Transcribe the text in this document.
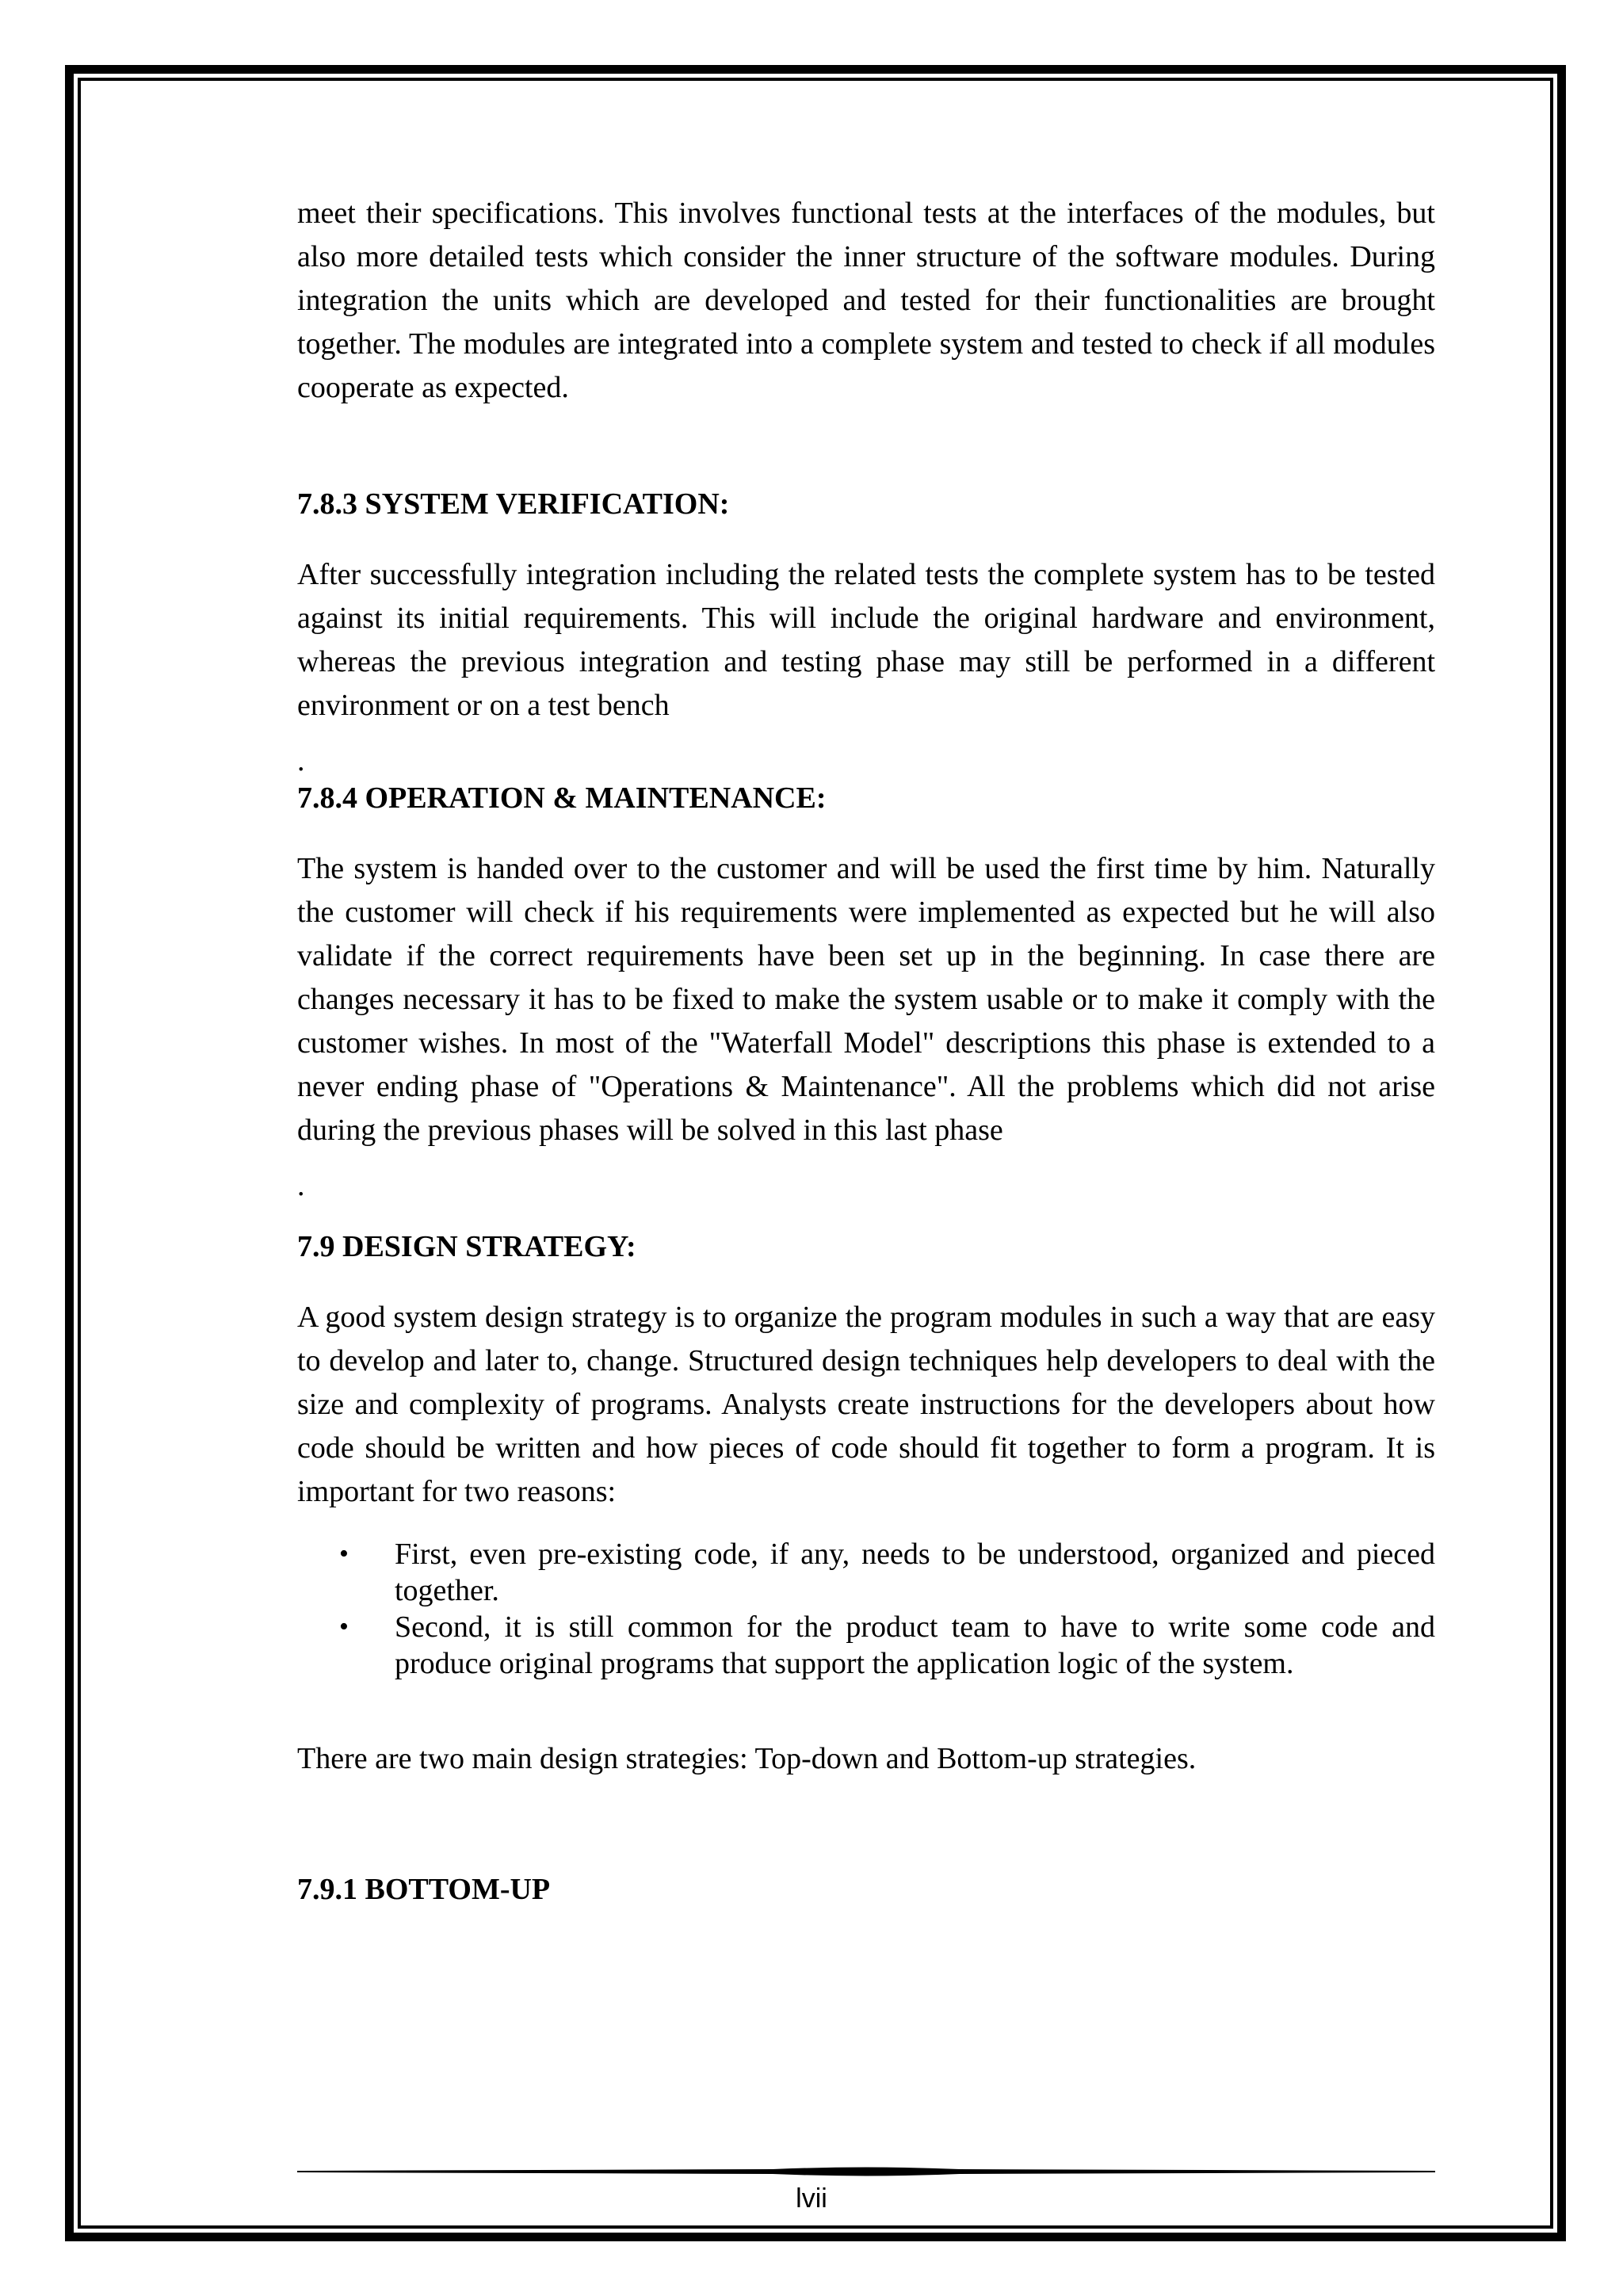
meet their specifications. This involves functional tests at the interfaces of the modules, but also more detailed tests which consider the inner structure of the software modules. During integration the units which are developed and tested for their functionalities are brought together. The modules are integrated into a complete system and tested to check if all modules cooperate as expected.

7.8.3 SYSTEM VERIFICATION:

After successfully integration including the related tests the complete system has to be tested against its initial requirements. This will include the original hardware and environment, whereas the previous integration and testing phase may still be performed in a different environment or on a test bench

.

7.8.4 OPERATION & MAINTENANCE:

The system is handed over to the customer and will be used the first time by him. Naturally the customer will check if his requirements were implemented as expected but he will also validate if the correct requirements have been set up in the beginning. In case there are changes necessary it has to be fixed to make the system usable or to make it comply with the customer wishes. In most of the "Waterfall Model" descriptions this phase is extended to a never ending phase of "Operations & Maintenance". All the problems which did not arise during the previous phases will be solved in this last phase

.

7.9 DESIGN STRATEGY:

A good system design strategy is to organize the program modules in such a way that are easy to develop and later to, change. Structured design techniques help developers to deal with the size and complexity of programs. Analysts create instructions for the developers about how code should be written and how pieces of code should fit together to form a program. It is important for two reasons:

• First, even pre-existing code, if any, needs to be understood, organized and pieced together.
• Second, it is still common for the product team to have to write some code and produce original programs that support the application logic of the system.

There are two main design strategies: Top-down and Bottom-up strategies.

7.9.1 BOTTOM-UP
lvii
